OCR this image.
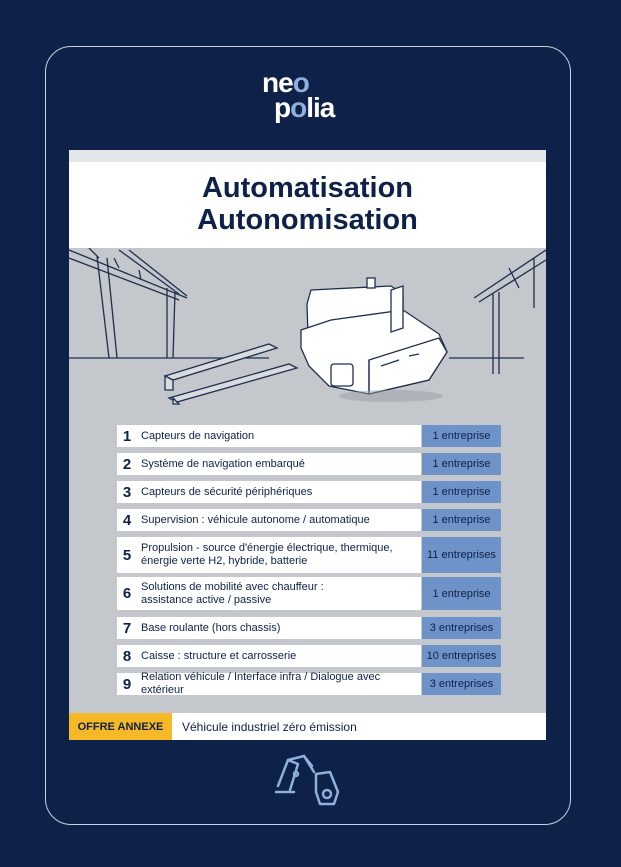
neo
polia
Automatisation
Autonomisation
1 Capteurs de navigation	1 entreprise
2 Système de navigation embarqué	1 entreprise
3 Capteurs de sécurité périphériques	1 entreprise
4 Supervision : véhicule autonome / automatique	1 entreprise
5 Propulsion - source d'énergie électrique, thermique,
énergie verte H2, hybride, batterie	11 entreprises
6 Solutions de mobilité avec chauffeur :
assistance active / passive	1 entreprise
7 Base roulante (hors chassis)	3 entreprises
8 Caisse : structure et carrosserie	10 entreprises
9 Relation véhicule / Interface infra / Dialogue avec extérieur	3 entreprises
OFFRE ANNEXE	Véhicule industriel zéro émission
